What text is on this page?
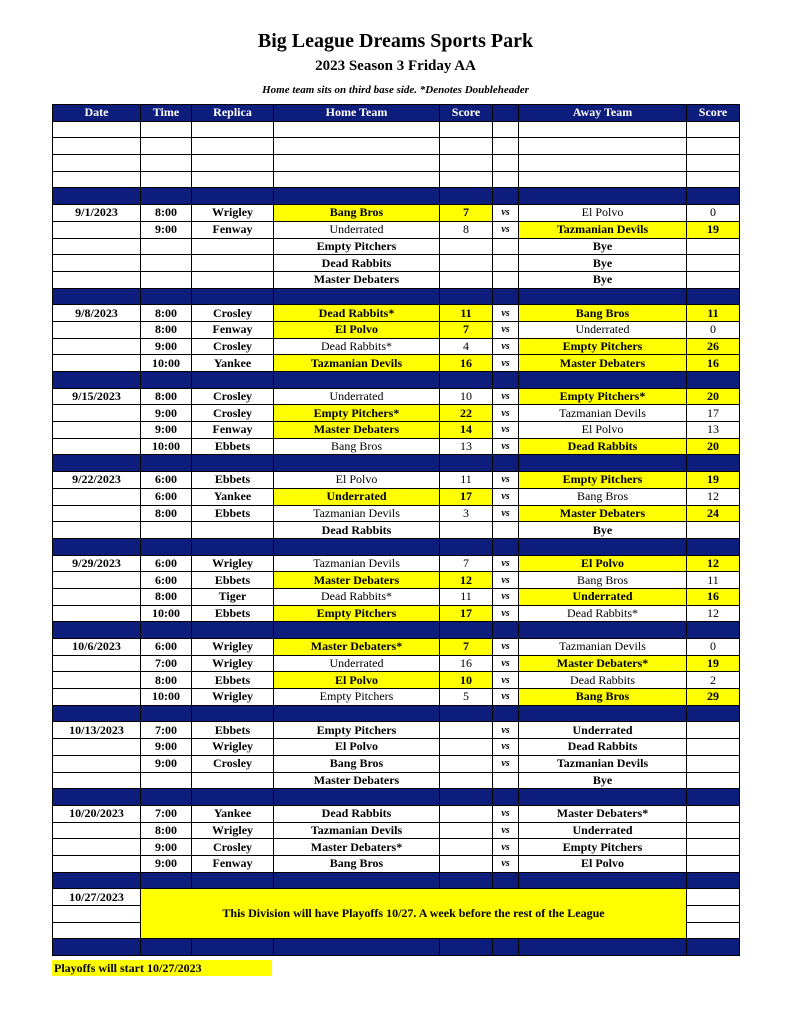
Big League Dreams Sports Park
2023 Season 3 Friday AA
Home team sits on third base side. *Denotes Doubleheader
Date	Time	Replica	Home Team	Score		Away Team	Score

9/1/2023	8:00	Wrigley	Bang Bros	7	vs	El Polvo	0
	9:00	Fenway	Underrated	8	vs	Tazmanian Devils	19
			Empty Pitchers			Bye	
			Dead Rabbits			Bye	
			Master Debaters			Bye	

9/8/2023	8:00	Crosley	Dead Rabbits*	11	vs	Bang Bros	11
	8:00	Fenway	El Polvo	7	vs	Underrated	0
	9:00	Crosley	Dead Rabbits*	4	vs	Empty Pitchers	26
	10:00	Yankee	Tazmanian Devils	16	vs	Master Debaters	16

9/15/2023	8:00	Crosley	Underrated	10	vs	Empty Pitchers*	20
	9:00	Crosley	Empty Pitchers*	22	vs	Tazmanian Devils	17
	9:00	Fenway	Master Debaters	14	vs	El Polvo	13
	10:00	Ebbets	Bang Bros	13	vs	Dead Rabbits	20

9/22/2023	6:00	Ebbets	El Polvo	11	vs	Empty Pitchers	19
	6:00	Yankee	Underrated	17	vs	Bang Bros	12
	8:00	Ebbets	Tazmanian Devils	3	vs	Master Debaters	24
			Dead Rabbits			Bye	

9/29/2023	6:00	Wrigley	Tazmanian Devils	7	vs	El Polvo	12
	6:00	Ebbets	Master Debaters	12	vs	Bang Bros	11
	8:00	Tiger	Dead Rabbits*	11	vs	Underrated	16
	10:00	Ebbets	Empty Pitchers	17	vs	Dead Rabbits*	12

10/6/2023	6:00	Wrigley	Master Debaters*	7	vs	Tazmanian Devils	0
	7:00	Wrigley	Underrated	16	vs	Master Debaters*	19
	8:00	Ebbets	El Polvo	10	vs	Dead Rabbits	2
	10:00	Wrigley	Empty Pitchers	5	vs	Bang Bros	29

10/13/2023	7:00	Ebbets	Empty Pitchers		vs	Underrated	
	9:00	Wrigley	El Polvo		vs	Dead Rabbits	
	9:00	Crosley	Bang Bros		vs	Tazmanian Devils	
			Master Debaters			Bye	

10/20/2023	7:00	Yankee	Dead Rabbits		vs	Master Debaters*	
	8:00	Wrigley	Tazmanian Devils		vs	Underrated	
	9:00	Crosley	Master Debaters*		vs	Empty Pitchers	
	9:00	Fenway	Bang Bros		vs	El Polvo	

10/27/2023	This Division will have Playoffs 10/27. A week before the rest of the League						

Playoffs will start 10/27/2023
